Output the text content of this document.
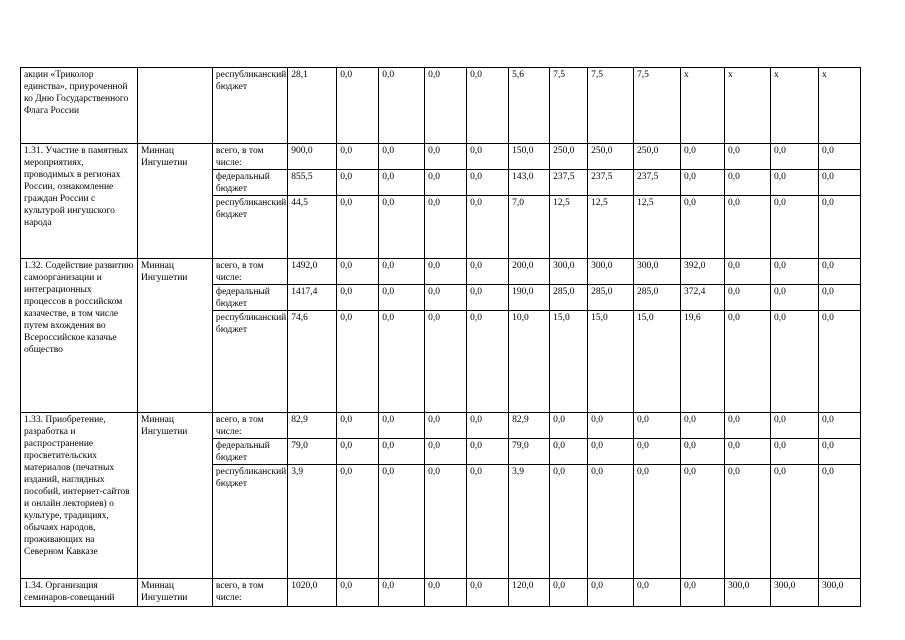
акции «Триколор единства», приуроченной ко Дню Государственного Флага России		республиканский бюджет	28,1	0,0	0,0	0,0	0,0	5,6	7,5	7,5	7,5	х	х	х	х
1.31. Участие в памятных мероприятиях, проводимых в регионах России, ознакомление граждан России с культурой ингушского народа	Миннац Ингушетии	всего, в том числе:	900,0	0,0	0,0	0,0	0,0	150,0	250,0	250,0	250,0	0,0	0,0	0,0	0,0
		федеральный бюджет	855,5	0,0	0,0	0,0	0,0	143,0	237,5	237,5	237,5	0,0	0,0	0,0	0,0
		республиканский бюджет	44,5	0,0	0,0	0,0	0,0	7,0	12,5	12,5	12,5	0,0	0,0	0,0	0,0
1.32. Содействие развитию самоорганизации и интеграционных процессов в российском казачестве, в том числе путем вхождения во Всероссийское казачье общество	Миннац Ингушетии	всего, в том числе:	1492,0	0,0	0,0	0,0	0,0	200,0	300,0	300,0	300,0	392,0	0,0	0,0	0,0
		федеральный бюджет	1417,4	0,0	0,0	0,0	0,0	190,0	285,0	285,0	285,0	372,4	0,0	0,0	0,0
		республиканский бюджет	74,6	0,0	0,0	0,0	0,0	10,0	15,0	15,0	15,0	19,6	0,0	0,0	0,0
1.33. Приобретение, разработка и распространение просветительских материалов (печатных изданий, наглядных пособий, интернет-сайтов и онлайн лекториев) о культуре, традициях, обычаях народов, проживающих на Северном Кавказе	Миннац Ингушетии	всего, в том числе:	82,9	0,0	0,0	0,0	0,0	82,9	0,0	0,0	0,0	0,0	0,0	0,0	0,0
		федеральный бюджет	79,0	0,0	0,0	0,0	0,0	79,0	0,0	0,0	0,0	0,0	0,0	0,0	0,0
		республиканский бюджет	3,9	0,0	0,0	0,0	0,0	3,9	0,0	0,0	0,0	0,0	0,0	0,0	0,0
1.34. Организация семинаров-совещаний	Миннац Ингушетии	всего, в том числе:	1020,0	0,0	0,0	0,0	0,0	120,0	0,0	0,0	0,0	0,0	300,0	300,0	300,0
